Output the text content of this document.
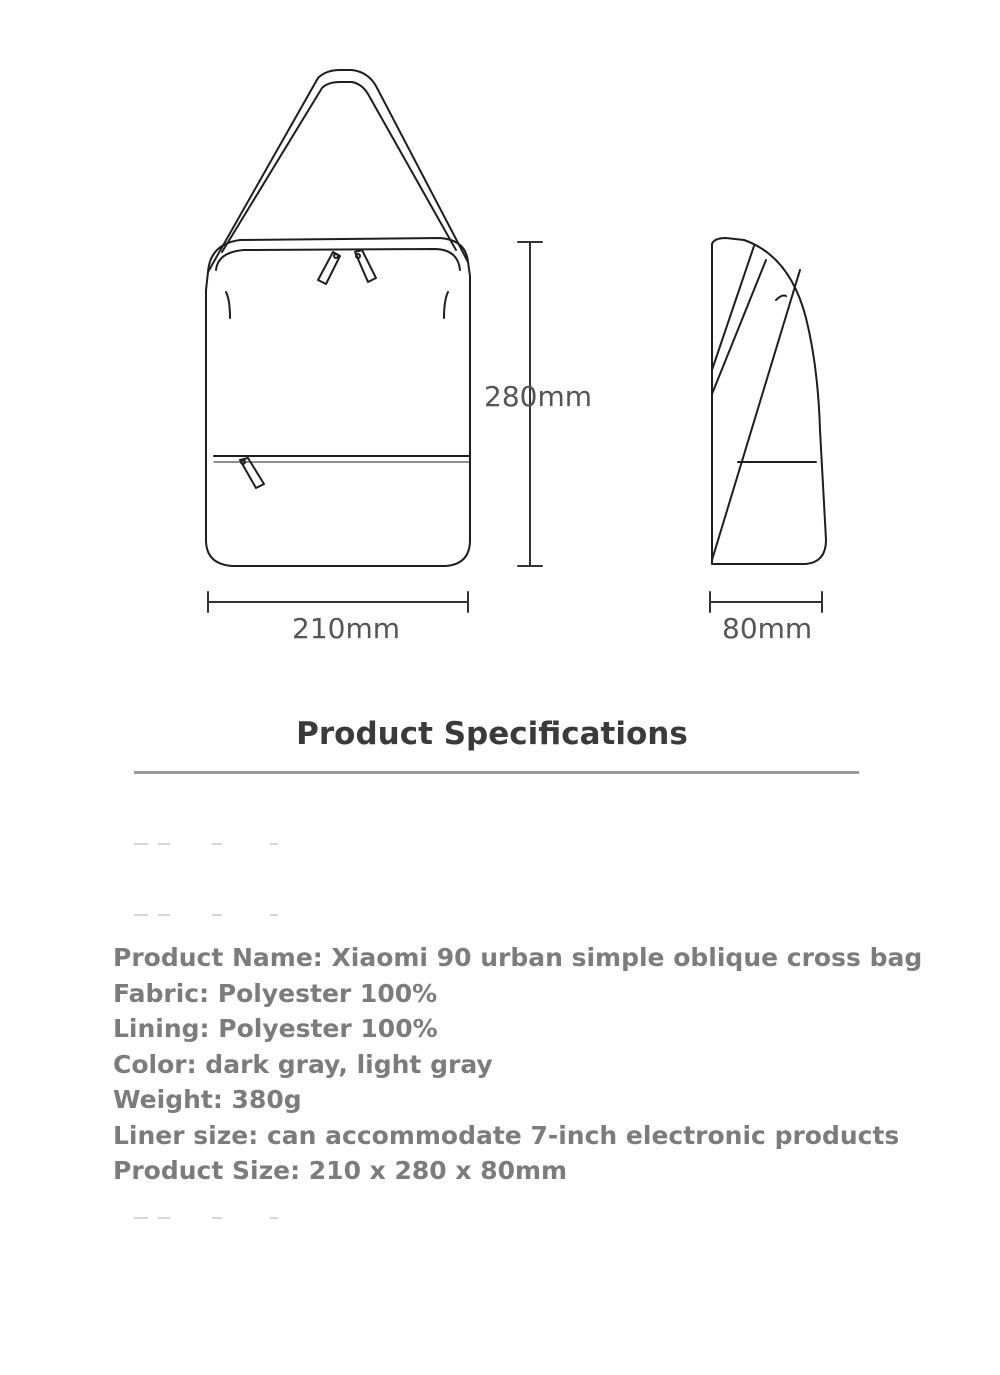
210mm
280mm
80mm
Product Specifications
Product Name: Xiaomi 90 urban simple oblique cross bag
Fabric: Polyester 100%
Lining: Polyester 100%
Color: dark gray, light gray
Weight: 380g
Liner size: can accommodate 7-inch electronic products
Product Size: 210 x 280 x 80mm
